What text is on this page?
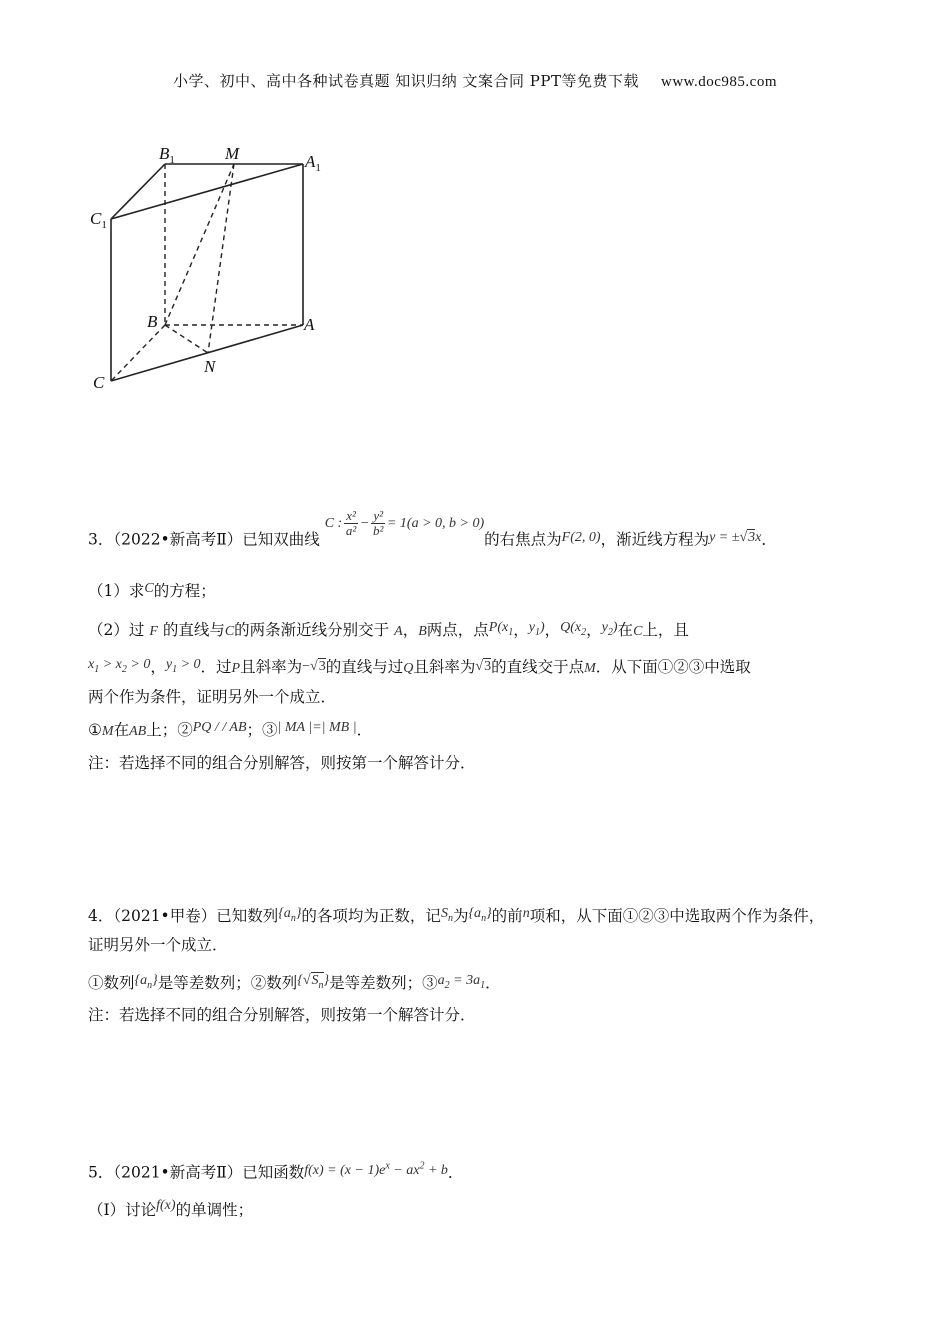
小学、初中、高中各种试卷真题 知识归纳 文案合同 PPT等免费下载 www.doc985.com
$B_1$	M	$A_1$
$C_1$
B	A
N
C
3．（2022•新高考Ⅱ）已知双曲线 C : $\frac{\text{x²}}{\text{a²}} - \frac{\text{y²}}{\text{b²}} = 1(a > 0$, b > 0)的右焦点为F(2, 0)，渐近线方程为y = ±√3x．
（1）求C的方程；
（2）过 F 的直线与C的两条渐近线分别交于 A，B两点，点$P(x_1$，$y_1$)，$Q(x_2$，$y_2$)在C上，且
$x_1 > x_2 > 0$，$y_1 > 0$．过P且斜率为−√3的直线与过Q且斜率为√3的直线交于点M．从下面①②③中选取
两个作为条件，证明另外一个成立．
①M在AB上；②PQ / / AB；③| MA |=| MB |．
注：若选择不同的组合分别解答，则按第一个解答计分．
4．（2021•甲卷）已知数列$\{a_n\}$的各项均为正数，记$S_n$为$\{a_n\}$的前n项和，从下面①②③中选取两个作为条件，
证明另外一个成立．
①数列$\{a_n\}$是等差数列；②数列$\{√S_n\}$是等差数列；$③a_2 = 3a_1$．
注：若选择不同的组合分别解答，则按第一个解答计分．
5．（2021•新高考Ⅱ）已知函数$f(x) = (x - 1)e^x - ax^2 + b$．
（Ⅰ）讨论f(x)的单调性；
